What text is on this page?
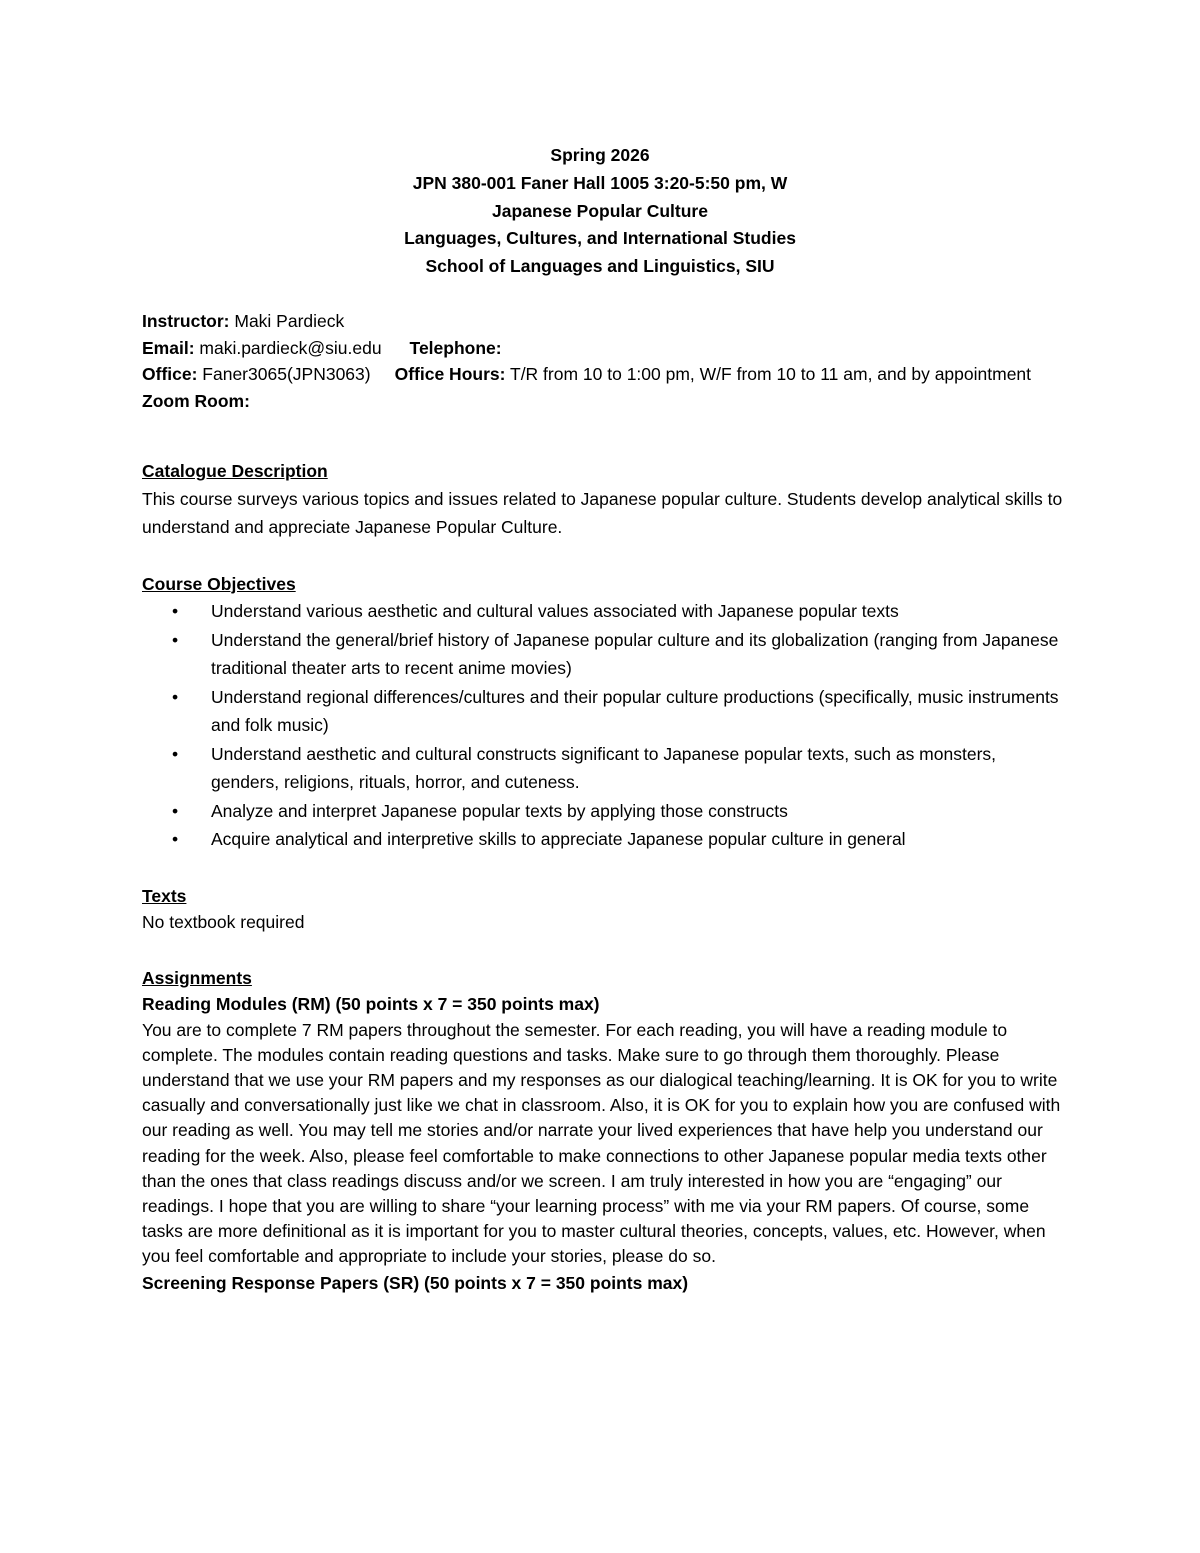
Spring 2026
JPN 380-001 Faner Hall 1005 3:20-5:50 pm, W
Japanese Popular Culture
Languages, Cultures, and International Studies
School of Languages and Linguistics, SIU
Instructor: Maki Pardieck
Email: maki.pardieck@siu.edu Telephone:
Office: Faner3065(JPN3063) Office Hours: T/R from 10 to 1:00 pm, W/F from 10 to 11 am, and by appointment
Zoom Room:
Catalogue Description

This course surveys various topics and issues related to Japanese popular culture. Students develop analytical skills to understand and appreciate Japanese Popular Culture.

Course Objectives
• Understand various aesthetic and cultural values associated with Japanese popular texts
• Understand the general/brief history of Japanese popular culture and its globalization (ranging from Japanese traditional theater arts to recent anime movies)
• Understand regional differences/cultures and their popular culture productions (specifically, music instruments and folk music)
• Understand aesthetic and cultural constructs significant to Japanese popular texts, such as monsters, genders, religions, rituals, horror, and cuteness.
• Analyze and interpret Japanese popular texts by applying those constructs
• Acquire analytical and interpretive skills to appreciate Japanese popular culture in general
Texts
No textbook required
Assignments
Reading Modules (RM) (50 points x 7 = 350 points max)
You are to complete 7 RM papers throughout the semester. For each reading, you will have a reading module to complete. The modules contain reading questions and tasks. Make sure to go through them thoroughly. Please understand that we use your RM papers and my responses as our dialogical teaching/learning. It is OK for you to write casually and conversationally just like we chat in classroom. Also, it is OK for you to explain how you are confused with our reading as well. You may tell me stories and/or narrate your lived experiences that have help you understand our reading for the week. Also, please feel comfortable to make connections to other Japanese popular media texts other than the ones that class readings discuss and/or we screen. I am truly interested in how you are “engaging” our readings. I hope that you are willing to share “your learning process” with me via your RM papers. Of course, some tasks are more definitional as it is important for you to master cultural theories, concepts, values, etc. However, when you feel comfortable and appropriate to include your stories, please do so.
Screening Response Papers (SR) (50 points x 7 = 350 points max)
